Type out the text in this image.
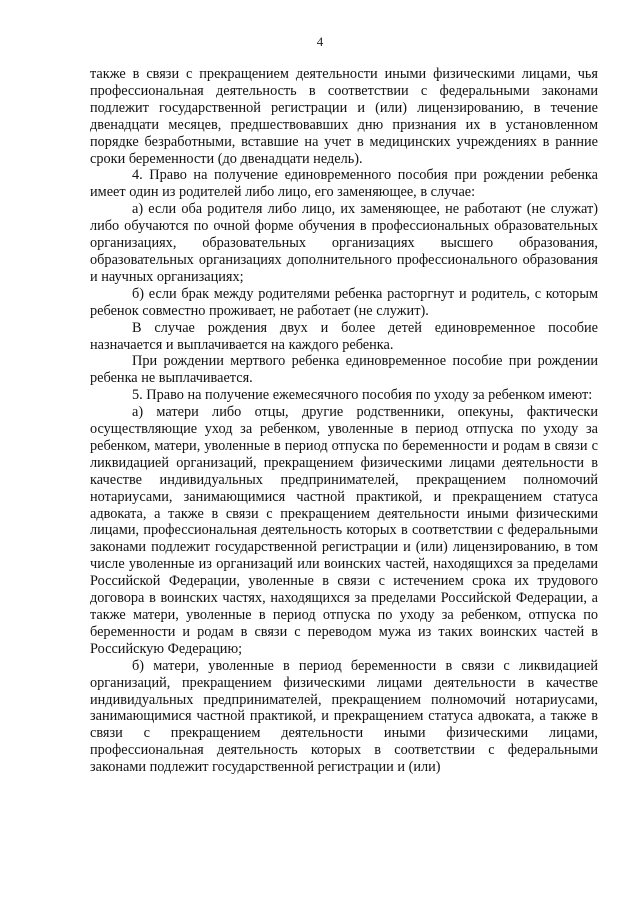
4

также в связи с прекращением деятельности иными физическими лицами, чья профессиональная деятельность в соответствии с федеральными законами подлежит государственной регистрации и (или) лицензированию, в течение двенадцати месяцев, предшествовавших дню признания их в установленном порядке безработными, вставшие на учет в медицинских учреждениях в ранние сроки беременности (до двенадцати недель).

4. Право на получение единовременного пособия при рождении ребенка имеет один из родителей либо лицо, его заменяющее, в случае:

а) если оба родителя либо лицо, их заменяющее, не работают (не служат) либо обучаются по очной форме обучения в профессиональных образовательных организациях, образовательных организациях высшего образования, образовательных организациях дополнительного профессионального образования и научных организациях;

б) если брак между родителями ребенка расторгнут и родитель, с которым ребенок совместно проживает, не работает (не служит).

В случае рождения двух и более детей единовременное пособие назначается и выплачивается на каждого ребенка.

При рождении мертвого ребенка единовременное пособие при рождении ребенка не выплачивается.

5. Право на получение ежемесячного пособия по уходу за ребенком имеют:

а) матери либо отцы, другие родственники, опекуны, фактически осуществляющие уход за ребенком, уволенные в период отпуска по уходу за ребенком, матери, уволенные в период отпуска по беременности и родам в связи с ликвидацией организаций, прекращением физическими лицами деятельности в качестве индивидуальных предпринимателей, прекращением полномочий нотариусами, занимающимися частной практикой, и прекращением статуса адвоката, а также в связи с прекращением деятельности иными физическими лицами, профессиональная деятельность которых в соответствии с федеральными законами подлежит государственной регистрации и (или) лицензированию, в том числе уволенные из организаций или воинских частей, находящихся за пределами Российской Федерации, уволенные в связи с истечением срока их трудового договора в воинских частях, находящихся за пределами Российской Федерации, а также матери, уволенные в период отпуска по уходу за ребенком, отпуска по беременности и родам в связи с переводом мужа из таких воинских частей в Российскую Федерацию;

б) матери, уволенные в период беременности в связи с ликвидацией организаций, прекращением физическими лицами деятельности в качестве индивидуальных предпринимателей, прекращением полномочий нотариусами, занимающимися частной практикой, и прекращением статуса адвоката, а также в связи с прекращением деятельности иными физическими лицами, профессиональная деятельность которых в соответствии с федеральными законами подлежит государственной регистрации и (или)
